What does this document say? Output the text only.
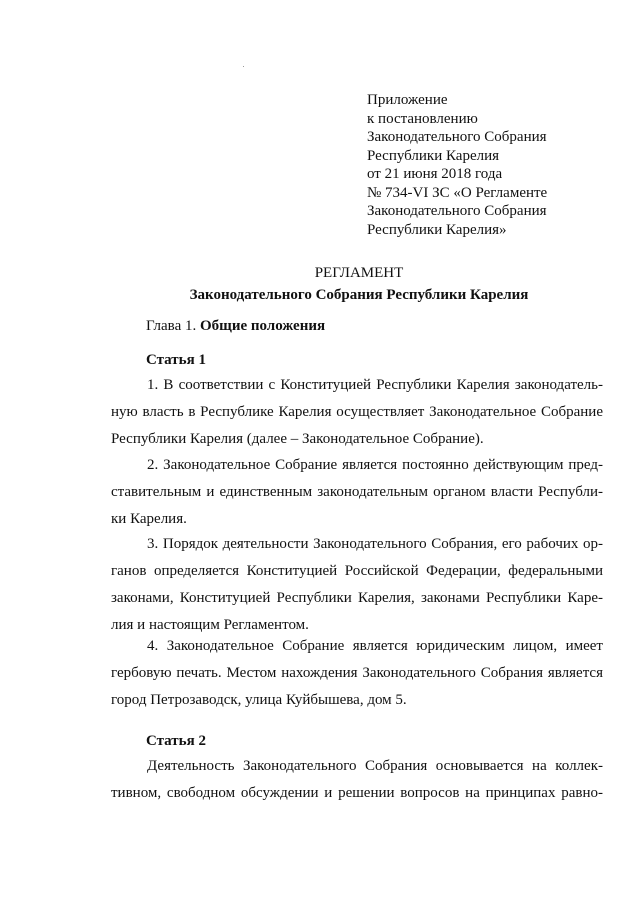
Приложение
к постановлению
Законодательного Собрания
Республики Карелия
от 21 июня 2018 года
№ 734-VI ЗС «О Регламенте
Законодательного Собрания
Республики Карелия»
РЕГЛАМЕНТ
Законодательного Собрания Республики Карелия
Глава 1. Общие положения
Статья 1
1. В соответствии с Конституцией Республики Карелия законодатель-
ную власть в Республике Карелия осуществляет Законодательное Собрание
Республики Карелия (далее – Законодательное Собрание).
2. Законодательное Собрание является постоянно действующим пред-
ставительным и единственным законодательным органом власти Республи-
ки Карелия.
3. Порядок деятельности Законодательного Собрания, его рабочих ор-
ганов определяется Конституцией Российской Федерации, федеральными
законами, Конституцией Республики Карелия, законами Республики Каре-
лия и настоящим Регламентом.
4. Законодательное Собрание является юридическим лицом, имеет
гербовую печать. Местом нахождения Законодательного Собрания является
город Петрозаводск, улица Куйбышева, дом 5.
Статья 2
Деятельность Законодательного Собрания основывается на коллек-
тивном, свободном обсуждении и решении вопросов на принципах равно-
